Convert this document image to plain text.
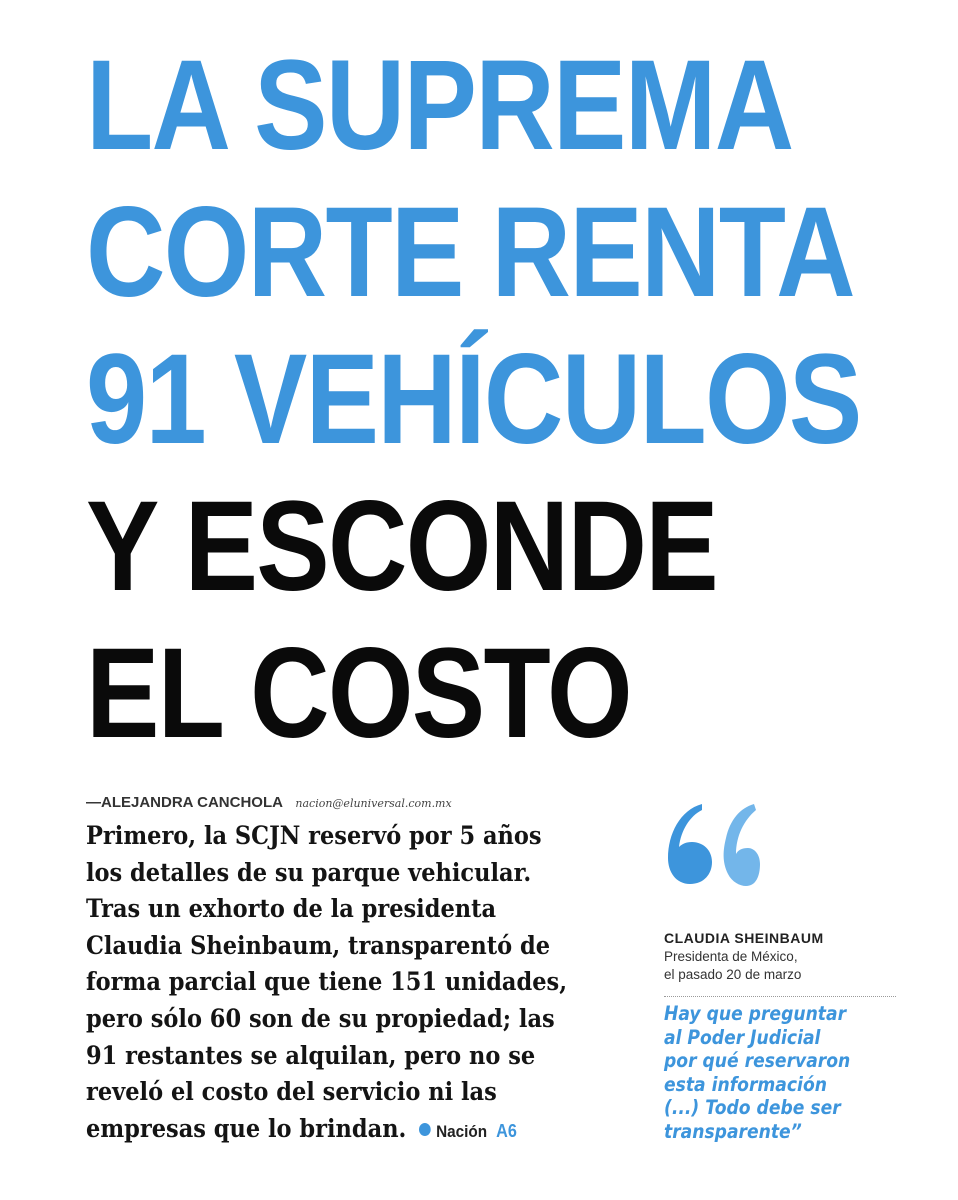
LA SUPREMA
CORTE RENTA
91 VEHÍCULOS
Y ESCONDE
EL COSTO
—ALEJANDRA CANCHOLA nacion@eluniversal.com.mx
Primero, la SCJN reservó por 5 años
los detalles de su parque vehicular.
Tras un exhorto de la presidenta
Claudia Sheinbaum, transparentó de
forma parcial que tiene 151 unidades,
pero sólo 60 son de su propiedad; las
91 restantes se alquilan, pero no se
reveló el costo del servicio ni las
empresas que lo brindan. Nación A6
CLAUDIA SHEINBAUM
Presidenta de México,
el pasado 20 de marzo
Hay que preguntar
al Poder Judicial
por qué reservaron
esta información
(...) Todo debe ser
transparente”
